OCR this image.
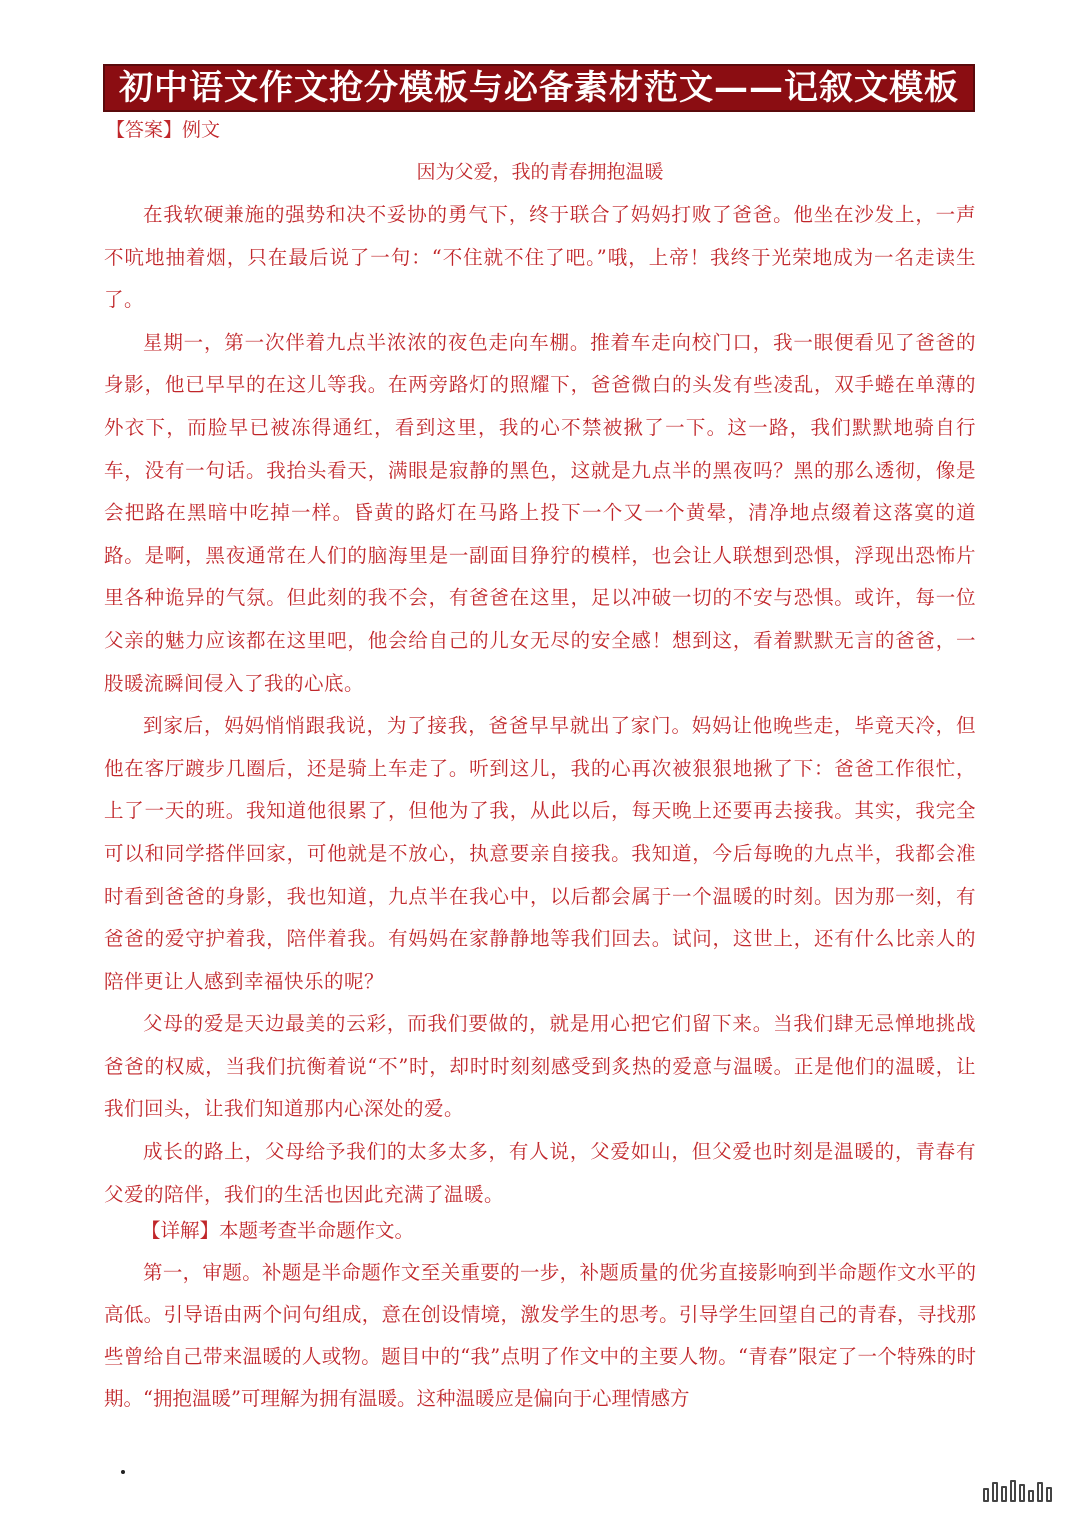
初中语文作文抢分模板与必备素材范文——记叙文模板
【答案】例文
因为父爱，我的青春拥抱温暖

在我软硬兼施的强势和决不妥协的勇气下，终于联合了妈妈打败了爸爸。他坐在沙发上，一声不吭地抽着烟，只在最后说了一句：“不住就不住了吧。”哦，上帝！我终于光荣地成为一名走读生了。

星期一，第一次伴着九点半浓浓的夜色走向车棚。推着车走向校门口，我一眼便看见了爸爸的身影，他已早早的在这儿等我。在两旁路灯的照耀下，爸爸微白的头发有些凌乱，双手蜷在单薄的外衣下，而脸早已被冻得通红，看到这里，我的心不禁被揪了一下。这一路，我们默默地骑自行车，没有一句话。我抬头看天，满眼是寂静的黑色，这就是九点半的黑夜吗？黑的那么透彻，像是会把路在黑暗中吃掉一样。昏黄的路灯在马路上投下一个又一个黄晕，清净地点缀着这落寞的道路。是啊，黑夜通常在人们的脑海里是一副面目狰狞的模样，也会让人联想到恐惧，浮现出恐怖片里各种诡异的气氛。但此刻的我不会，有爸爸在这里，足以冲破一切的不安与恐惧。或许，每一位父亲的魅力应该都在这里吧，他会给自己的儿女无尽的安全感！想到这，看着默默无言的爸爸，一股暖流瞬间侵入了我的心底。

到家后，妈妈悄悄跟我说，为了接我，爸爸早早就出了家门。妈妈让他晚些走，毕竟天冷，但他在客厅踱步几圈后，还是骑上车走了。听到这儿，我的心再次被狠狠地揪了下：爸爸工作很忙，上了一天的班。我知道他很累了，但他为了我，从此以后，每天晚上还要再去接我。其实，我完全可以和同学搭伴回家，可他就是不放心，执意要亲自接我。我知道，今后每晚的九点半，我都会准时看到爸爸的身影，我也知道，九点半在我心中，以后都会属于一个温暖的时刻。因为那一刻，有爸爸的爱守护着我，陪伴着我。有妈妈在家静静地等我们回去。试问，这世上，还有什么比亲人的陪伴更让人感到幸福快乐的呢？

父母的爱是天边最美的云彩，而我们要做的，就是用心把它们留下来。当我们肆无忌惮地挑战爸爸的权威，当我们抗衡着说“不”时，却时时刻刻感受到炙热的爱意与温暖。正是他们的温暖，让我们回头，让我们知道那内心深处的爱。

成长的路上，父母给予我们的太多太多，有人说，父爱如山，但父爱也时刻是温暖的，青春有父爱的陪伴，我们的生活也因此充满了温暖。

【详解】本题考查半命题作文。

第一，审题。补题是半命题作文至关重要的一步，补题质量的优劣直接影响到半命题作文水平的高低。引导语由两个问句组成，意在创设情境，激发学生的思考。引导学生回望自己的青春，寻找那些曾给自己带来温暖的人或物。题目中的“我”点明了作文中的主要人物。“青春”限定了一个特殊的时期。“拥抱温暖”可理解为拥有温暖。这种温暖应是偏向于心理情感方
